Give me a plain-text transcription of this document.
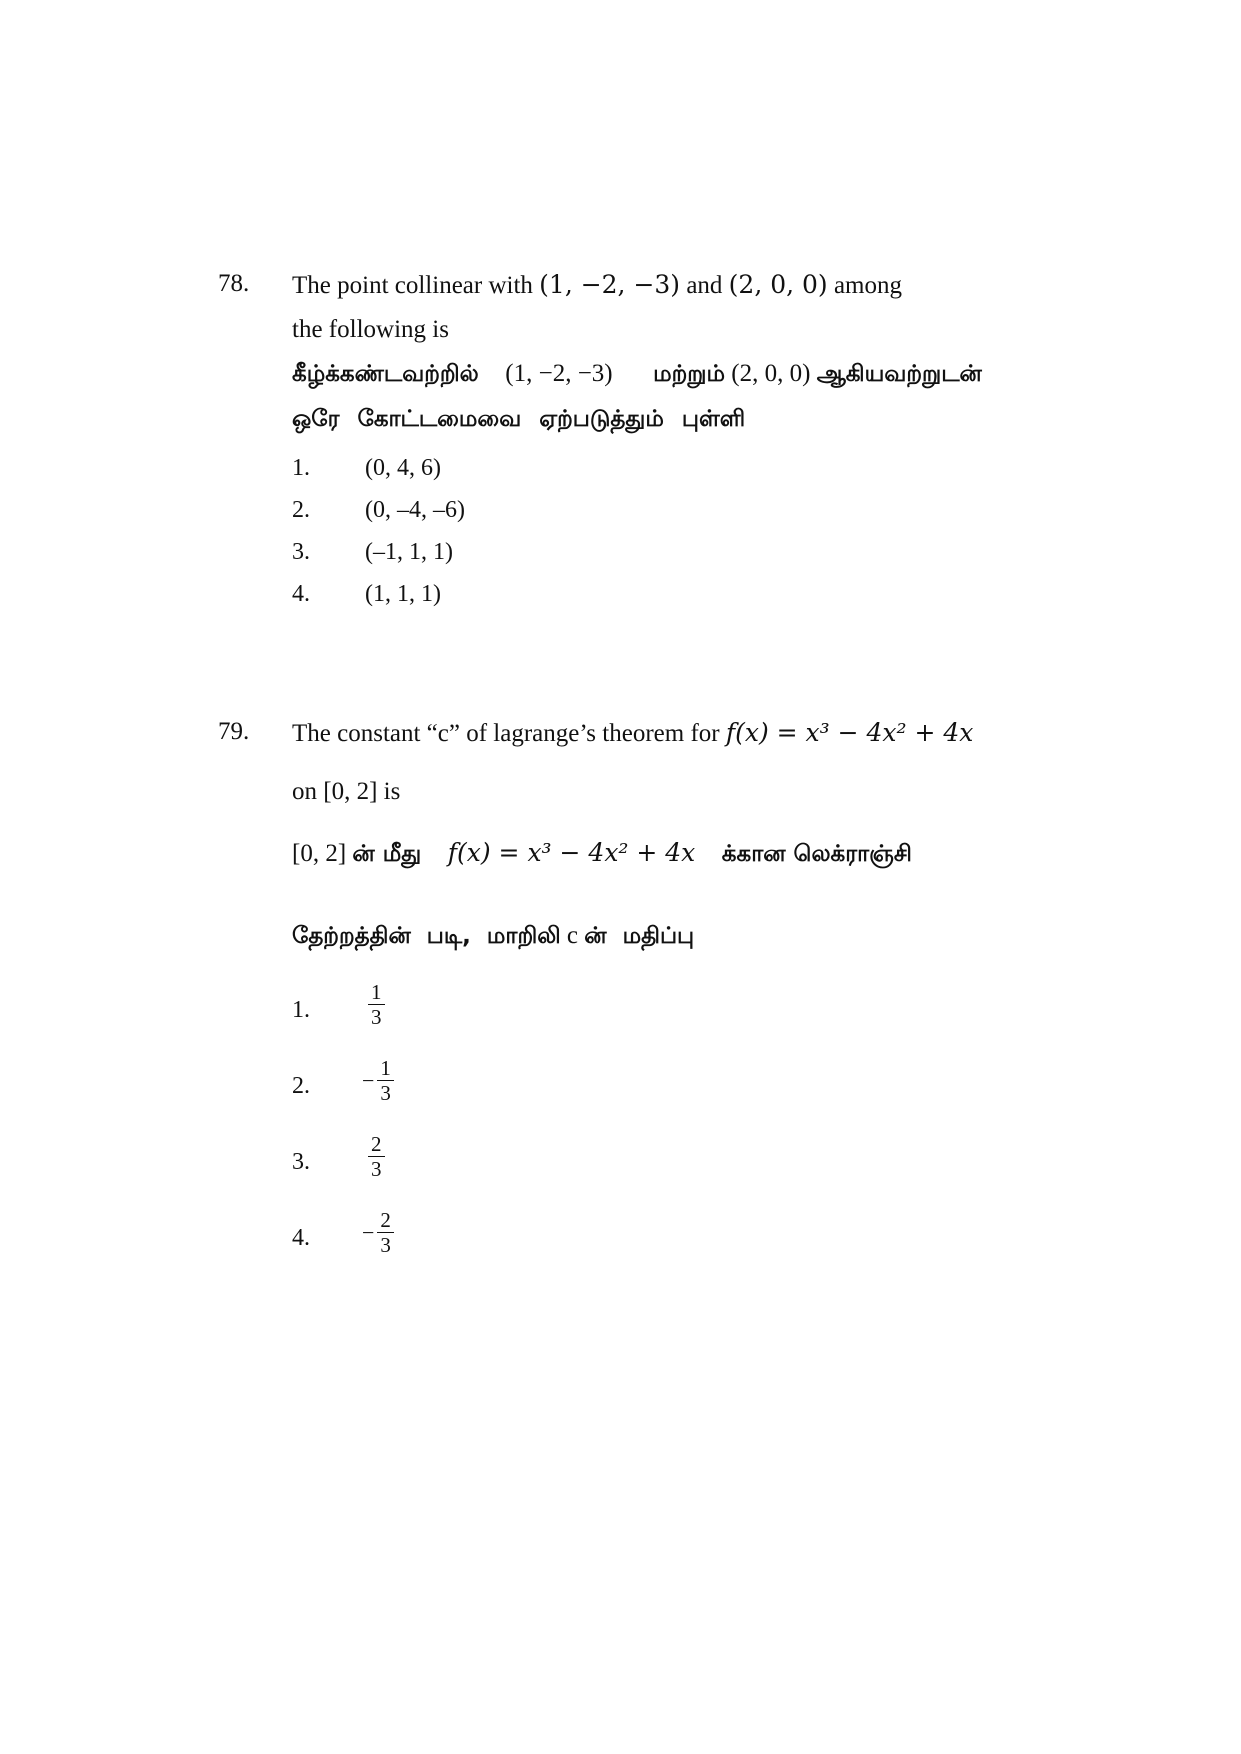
78. The point collinear with (1, −2, −3) and (2, 0, 0) among
the following is
கீழ்க்கண்டவற்றில் (1, −2, −3) மற்றும் (2, 0, 0) ஆகியவற்றுடன்
ஒரே கோட்டமைவை ஏற்படுத்தும் புள்ளி
1. (0, 4, 6)
2. (0, –4, –6)
3. (–1, 1, 1)
4. (1, 1, 1)
79. The constant “c” of lagrange’s theorem for f(x) = x³ − 4x² + 4x
on [0, 2] is
[0, 2] ன் மீது f(x) = x³ − 4x² + 4x க்கான லெக்ராஞ்சி
தேற்றத்தின் படி, மாறிலி c ன் மதிப்பு
1.	$\frac{1}{3}$
2. − $\frac{1}{3}$
3.	$\frac{2}{3}$
4. − $\frac{2}{3}$
